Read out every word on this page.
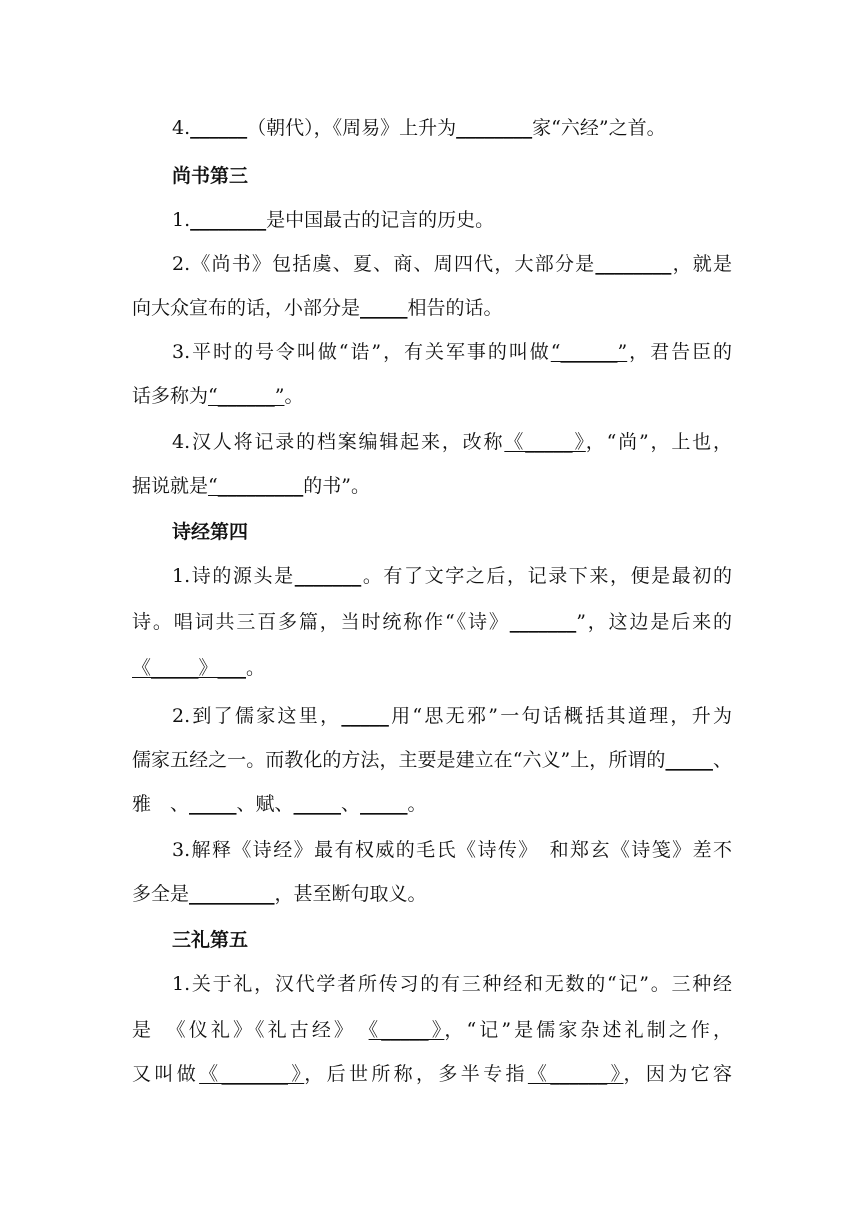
4.______（朝代），《周易》上升为________家“六经”之首。
尚书第三
1.________是中国最古的记言的历史。
2.《尚书》包括虞、夏、商、周四代，大部分是________，就是
向大众宣布的话，小部分是_____相告的话。
3.平时的号令叫做“诰”，有关军事的叫做“______”，君告臣的
话多称为“______”。
4.汉人将记录的档案编辑起来，改称《_____》，“尚”，上也，
据说就是“_________的书”。
诗经第四
1.诗的源头是_______。有了文字之后，记录下来，便是最初的
诗。唱词共三百多篇，当时统称作“《诗》_______”，这边是后来的
《_____》___。
2.到了儒家这里，_____用“思无邪”一句话概括其道理，升为
儒家五经之一。而教化的方法，主要是建立在“六义”上，所谓的_____、
雅　、_____、赋、_____、_____。
3.解释《诗经》最有权威的毛氏《诗传》　和郑玄《诗笺》差不
多全是_________，甚至断句取义。
三礼第五
1.关于礼，汉代学者所传习的有三种经和无数的“记”。三种经
是　《仪礼》《礼古经》　《_____》，“记”是儒家杂述礼制之作，
又叫做《_______》，后世所称，多半专指《______》，因为它容
